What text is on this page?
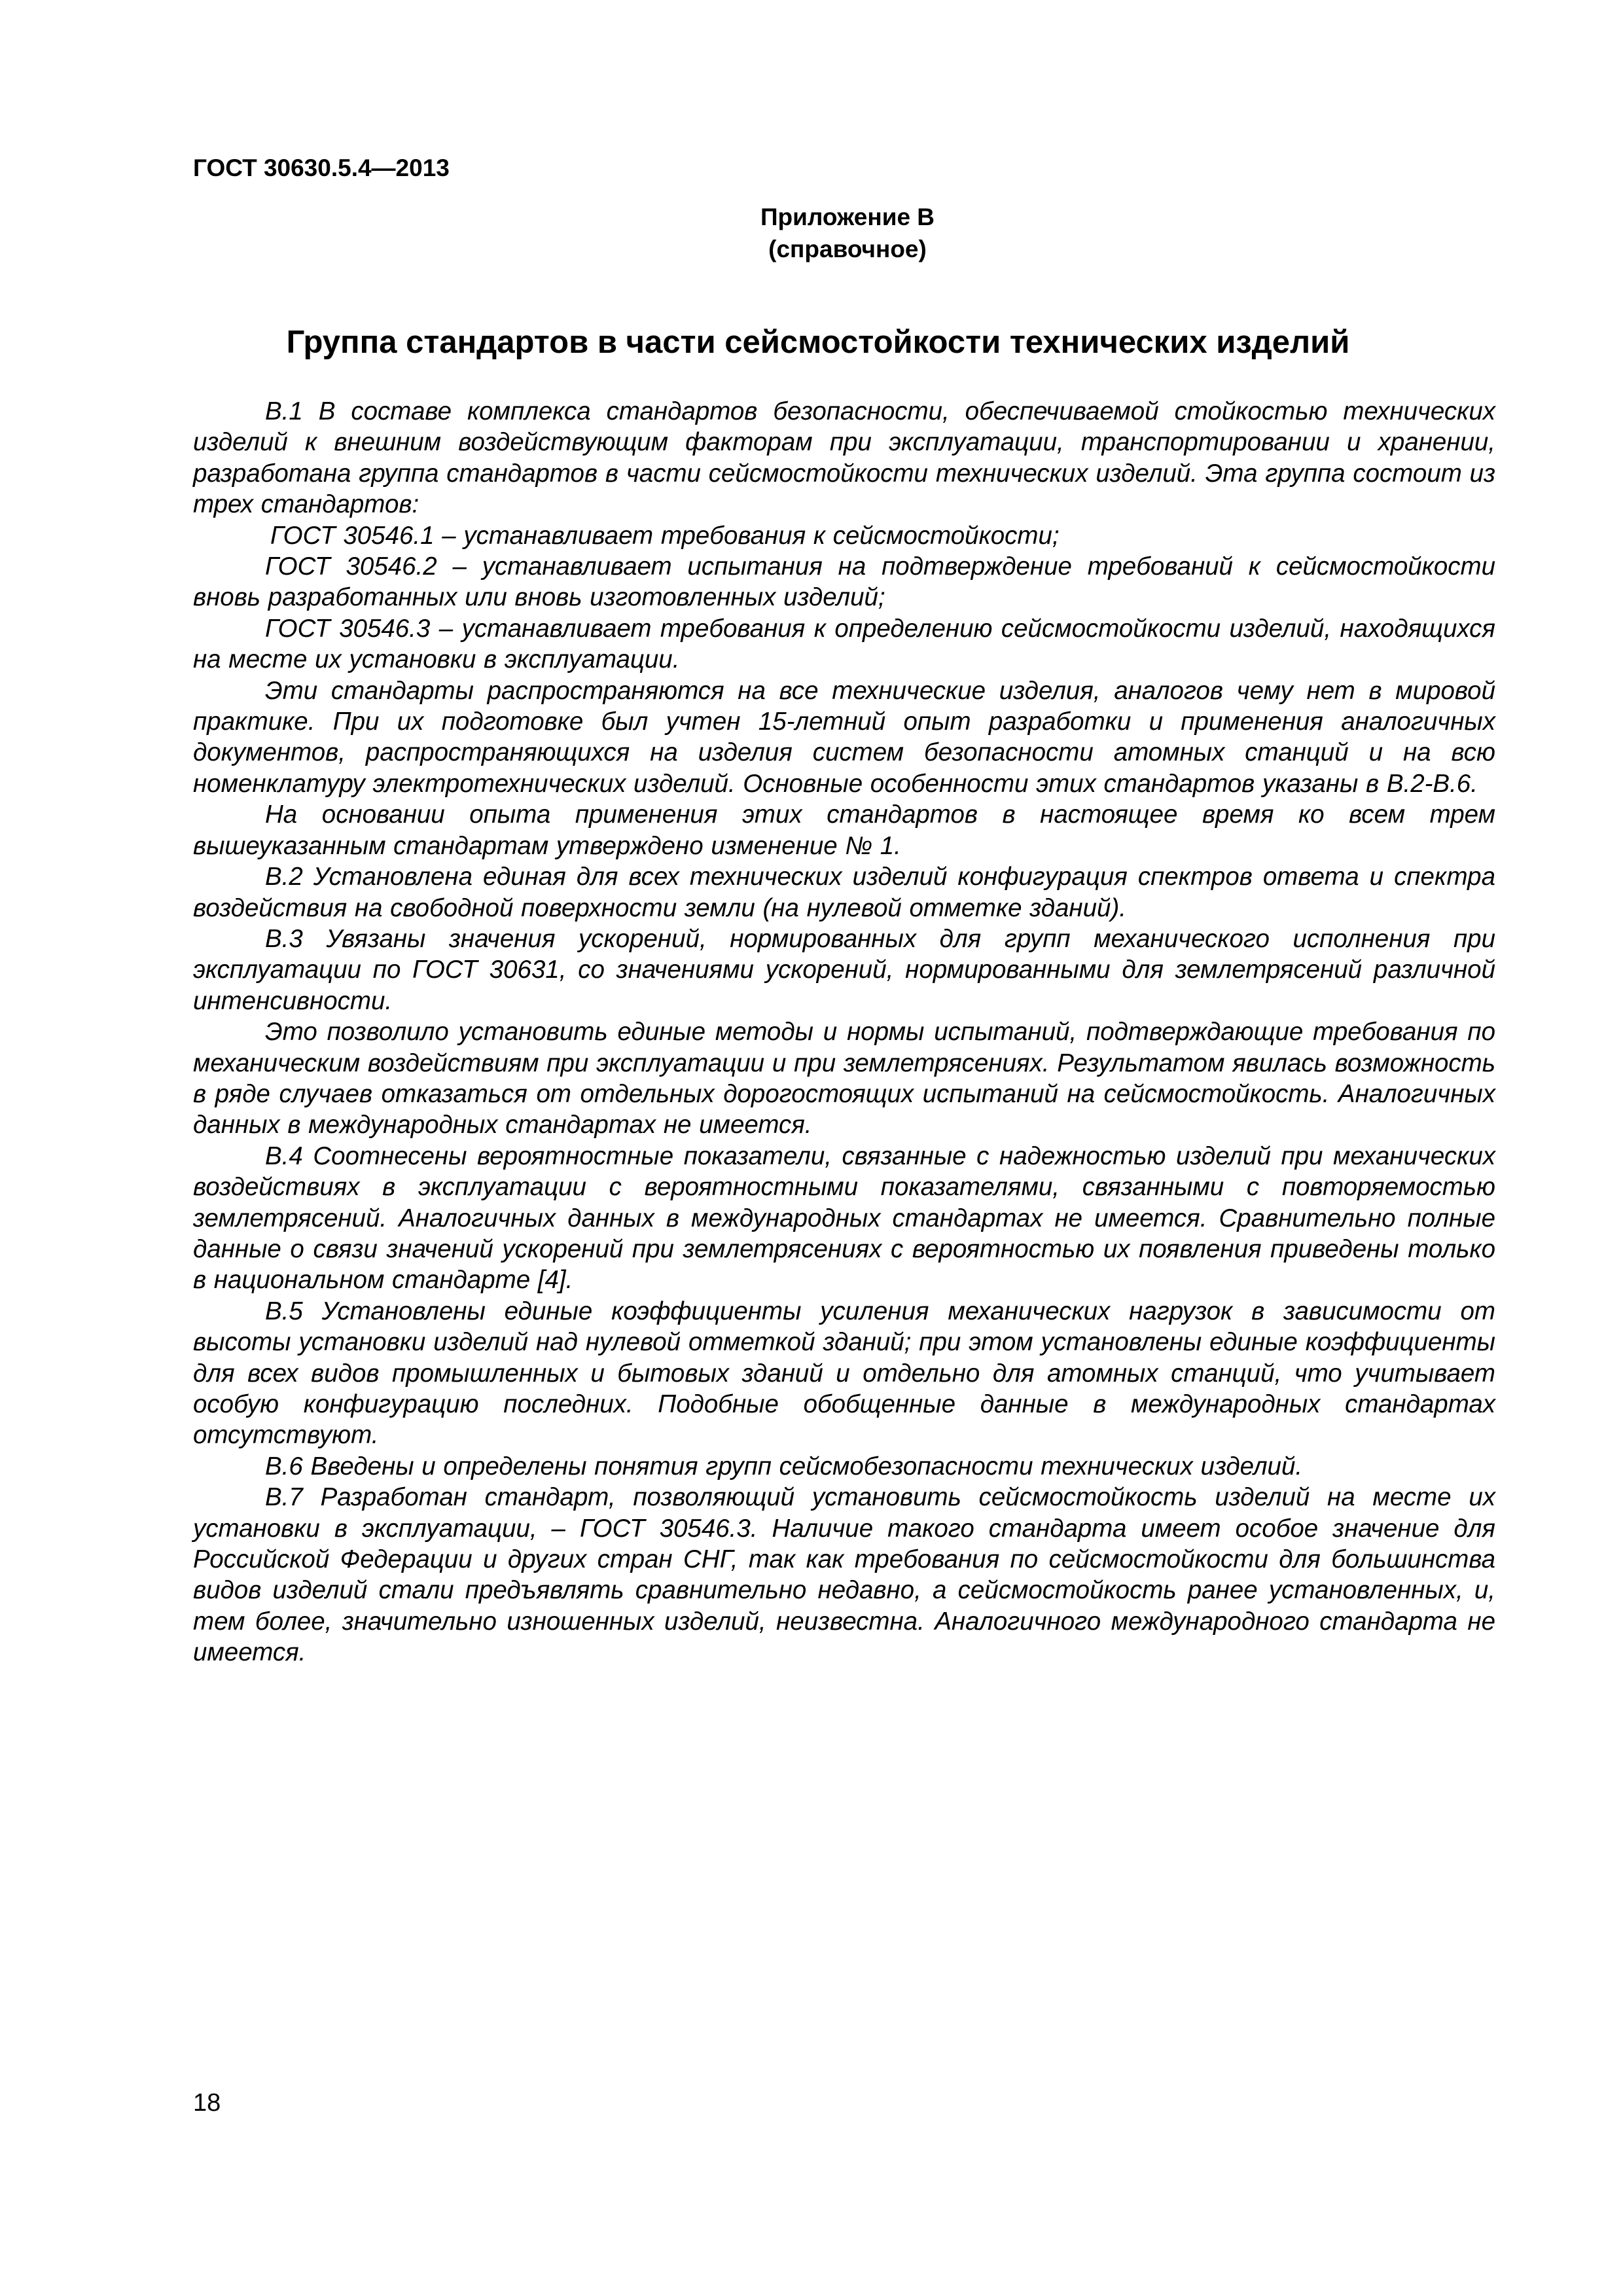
ГОСТ 30630.5.4—2013

Приложение В
(справочное)
Группа стандартов в части сейсмостойкости технических изделий

В.1 В составе комплекса стандартов безопасности, обеспечиваемой стойкостью технических изделий к внешним воздействующим факторам при эксплуатации, транспортировании и хранении, разработана группа стандартов в части сейсмостойкости технических изделий. Эта группа состоит из трех стандартов:

ГОСТ 30546.1 – устанавливает требования к сейсмостойкости;

ГОСТ 30546.2 – устанавливает испытания на подтверждение требований к сейсмостойкости вновь разработанных или вновь изготовленных изделий;

ГОСТ 30546.3 – устанавливает требования к определению сейсмостойкости изделий, находящихся на месте их установки в эксплуатации.

Эти стандарты распространяются на все технические изделия, аналогов чему нет в мировой практике. При их подготовке был учтен 15-летний опыт разработки и применения аналогичных документов, распространяющихся на изделия систем безопасности атомных станций и на всю номенклатуру электротехнических изделий. Основные особенности этих стандартов указаны в В.2-В.6.

На основании опыта применения этих стандартов в настоящее время ко всем трем вышеуказанным стандартам утверждено изменение № 1.

В.2 Установлена единая для всех технических изделий конфигурация спектров ответа и спектра воздействия на свободной поверхности земли (на нулевой отметке зданий).

В.3 Увязаны значения ускорений, нормированных для групп механического исполнения при эксплуатации по ГОСТ 30631, со значениями ускорений, нормированными для землетрясений различной интенсивности.

Это позволило установить единые методы и нормы испытаний, подтверждающие требования по механическим воздействиям при эксплуатации и при землетрясениях. Результатом явилась возможность в ряде случаев отказаться от отдельных дорогостоящих испытаний на сейсмостойкость. Аналогичных данных в международных стандартах не имеется.

В.4 Соотнесены вероятностные показатели, связанные с надежностью изделий при механических воздействиях в эксплуатации с вероятностными показателями, связанными с повторяемостью землетрясений. Аналогичных данных в международных стандартах не имеется. Сравнительно полные данные о связи значений ускорений при землетрясениях с вероятностью их появления приведены только в национальном стандарте [4].

В.5 Установлены единые коэффициенты усиления механических нагрузок в зависимости от высоты установки изделий над нулевой отметкой зданий; при этом установлены единые коэффициенты для всех видов промышленных и бытовых зданий и отдельно для атомных станций, что учитывает особую конфигурацию последних. Подобные обобщенные данные в международных стандартах отсутствуют.

В.6 Введены и определены понятия групп сейсмобезопасности технических изделий.

В.7 Разработан стандарт, позволяющий установить сейсмостойкость изделий на месте их установки в эксплуатации, – ГОСТ 30546.3. Наличие такого стандарта имеет особое значение для Российской Федерации и других стран СНГ, так как требования по сейсмостойкости для большинства видов изделий стали предъявлять сравнительно недавно, а сейсмостойкость ранее установленных, и, тем более, значительно изношенных изделий, неизвестна. Аналогичного международного стандарта не имеется.

18
